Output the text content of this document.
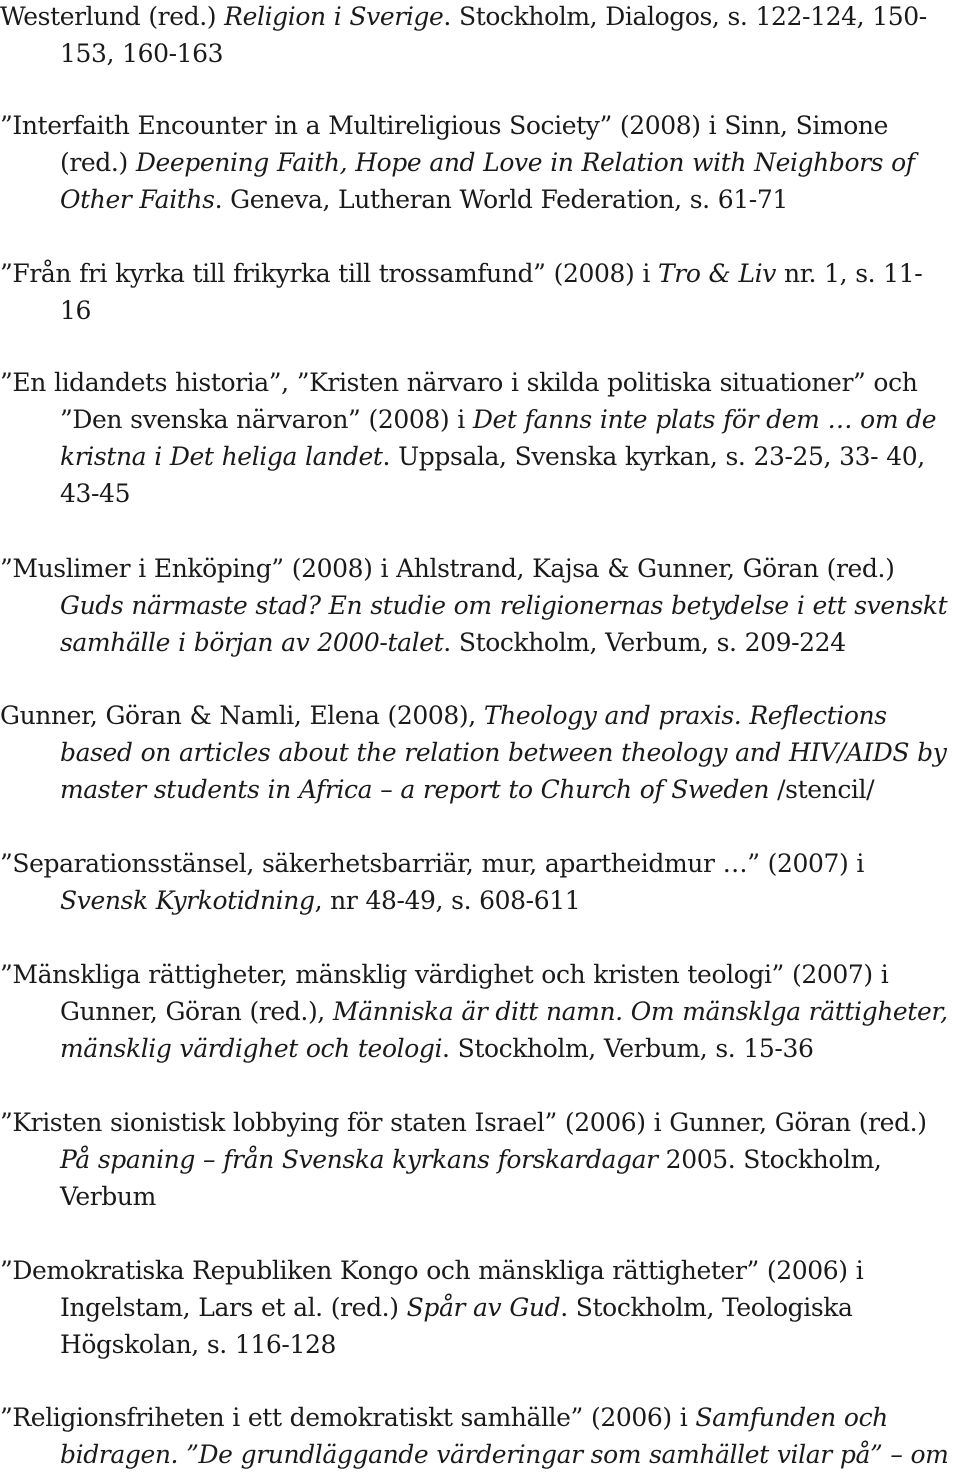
Westerlund (red.) Religion i Sverige. Stockholm, Dialogos, s. 122-124, 150-153, 160-163

”Interfaith Encounter in a Multireligious Society” (2008) i Sinn, Simone (red.) Deepening Faith, Hope and Love in Relation with Neighbors of Other Faiths. Geneva, Lutheran World Federation, s. 61-71

”Från fri kyrka till frikyrka till trossamfund” (2008) i Tro & Liv nr. 1, s. 11-16

”En lidandets historia”, ”Kristen närvaro i skilda politiska situationer” och ”Den svenska närvaron” (2008) i Det fanns inte plats för dem … om de kristna i Det heliga landet. Uppsala, Svenska kyrkan, s. 23-25, 33- 40, 43-45

”Muslimer i Enköping” (2008) i Ahlstrand, Kajsa & Gunner, Göran (red.) Guds närmaste stad? En studie om religionernas betydelse i ett svenskt samhälle i början av 2000-talet. Stockholm, Verbum, s. 209-224

Gunner, Göran & Namli, Elena (2008), Theology and praxis. Reflections based on articles about the relation between theology and HIV/AIDS by master students in Africa – a report to Church of Sweden /stencil/

”Separationsstänsel, säkerhetsbarriär, mur, apartheidmur …” (2007) i Svensk Kyrkotidning, nr 48-49, s. 608-611

”Mänskliga rättigheter, mänsklig värdighet och kristen teologi” (2007) i Gunner, Göran (red.), Människa är ditt namn. Om mänsklga rättigheter, mänsklig värdighet och teologi. Stockholm, Verbum, s. 15-36

”Kristen sionistisk lobbying för staten Israel” (2006) i Gunner, Göran (red.) På spaning – från Svenska kyrkans forskardagar 2005. Stockholm, Verbum

”Demokratiska Republiken Kongo och mänskliga rättigheter” (2006) i Ingelstam, Lars et al. (red.) Spår av Gud. Stockholm, Teologiska Högskolan, s. 116-128

”Religionsfriheten i ett demokratiskt samhälle” (2006) i Samfunden och bidragen. ”De grundläggande värderingar som samhället vilar på” – om
